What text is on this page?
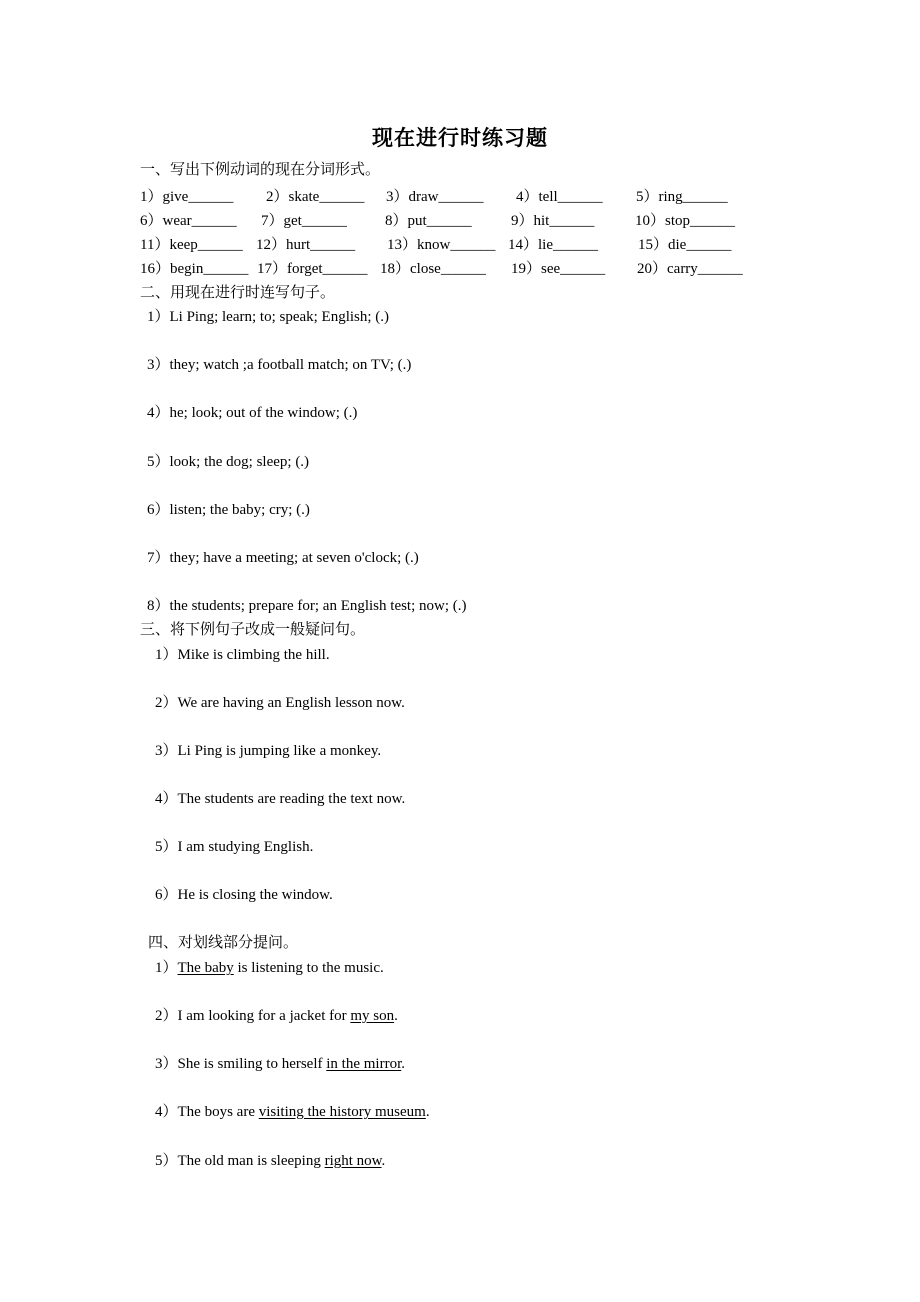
现在进行时练习题
一、写出下例动词的现在分词形式。
1）give______ 2）skate______ 3）draw______ 4）tell______ 5）ring______
6）wear______ 7）get______	8）put______	9）hit______	10）stop______
11）keep______ 12）hurt______ 13）know______ 14）lie______	15）die______
16）begin______ 17）forget______ 18）close______ 19）see______ 20）carry______
二、用现在进行时连写句子。
1）Li Ping; learn; to; speak; English; (.)
3）they; watch ;a football match; on TV; (.)
4）he; look; out of the window; (.)
5）look; the dog; sleep; (.)
6）listen; the baby; cry; (.)
7）they; have a meeting; at seven o'clock; (.)
8）the students; prepare for; an English test; now; (.)
三、将下例句子改成一般疑问句。
1）Mike is climbing the hill.
2）We are having an English lesson now.
3）Li Ping is jumping like a monkey.
4）The students are reading the text now.
5）I am studying English.
6）He is closing the window.
四、对划线部分提问。
1）The baby is listening to the music.
2）I am looking for a jacket for my son.
3）She is smiling to herself in the mirror.
4）The boys are visiting the history museum.
5）The old man is sleeping right now.
